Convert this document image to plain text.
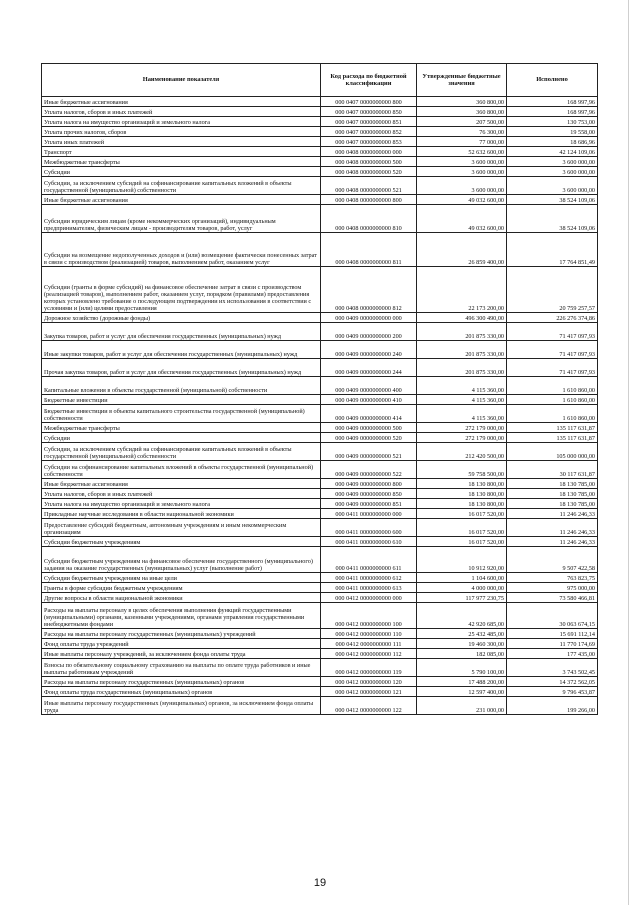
Наименование показателя	Код расхода по бюджетной классификации	Утвержденные бюджетные значения	Исполнено
Иные бюджетные ассигнования	000 0407 0000000000 800	360 800,00	168 997,96
Уплата налогов, сборов и иных платежей	000 0407 0000000000 850	360 800,00	168 997,96
Уплата налога на имущество организаций и земельного налога	000 0407 0000000000 851	207 500,00	130 753,00
Уплата прочих налогов, сборов	000 0407 0000000000 852	76 300,00	19 558,00
Уплата иных платежей	000 0407 0000000000 853	77 000,00	18 686,96
Транспорт	000 0408 0000000000 000	52 632 600,00	42 124 109,06
Межбюджетные трансферты	000 0408 0000000000 500	3 600 000,00	3 600 000,00
Субсидии	000 0408 0000000000 520	3 600 000,00	3 600 000,00
Субсидии, за исключением субсидий на софинансирование капитальных вложений в объекты государственной (муниципальной) собственности	000 0408 0000000000 521	3 600 000,00	3 600 000,00
Иные бюджетные ассигнования	000 0408 0000000000 800	49 032 600,00	38 524 109,06
Субсидии юридическим лицам (кроме некоммерческих организаций), индивидуальным предпринимателям, физическим лицам - производителям товаров, работ, услуг	000 0408 0000000000 810	49 032 600,00	38 524 109,06
Субсидии на возмещение недополученных доходов и (или) возмещение фактически понесенных затрат в связи с производством (реализацией) товаров, выполнением работ, оказанием услуг	000 0408 0000000000 811	26 859 400,00	17 764 851,49
Субсидии (гранты в форме субсидий) на финансовое обеспечение затрат в связи с производством (реализацией товаров), выполнением работ, оказанием услуг, порядком (правилами) предоставления которых установлено требование о последующем подтверждении их использования в соответствии с условиями и (или) целями предоставления	000 0408 0000000000 812	22 173 200,00	20 759 257,57
Дорожное хозяйство (дорожные фонды)	000 0409 0000000000 000	496 300 490,00	226 276 374,86
Закупка товаров, работ и услуг для обеспечения государственных (муниципальных) нужд	000 0409 0000000000 200	201 875 330,00	71 417 097,93
Иные закупки товаров, работ и услуг для обеспечения государственных (муниципальных) нужд	000 0409 0000000000 240	201 875 330,00	71 417 097,93
Прочая закупка товаров, работ и услуг для обеспечения государственных (муниципальных) нужд	000 0409 0000000000 244	201 875 330,00	71 417 097,93
Капитальные вложения в объекты государственной (муниципальной) собственности	000 0409 0000000000 400	4 115 360,00	1 610 860,00
Бюджетные инвестиции	000 0409 0000000000 410	4 115 360,00	1 610 860,00
Бюджетные инвестиции в объекты капитального строительства государственной (муниципальной) собственности	000 0409 0000000000 414	4 115 360,00	1 610 860,00
Межбюджетные трансферты	000 0409 0000000000 500	272 179 000,00	135 117 631,87
Субсидии	000 0409 0000000000 520	272 179 000,00	135 117 631,87
Субсидии, за исключением субсидий на софинансирование капитальных вложений в объекты государственной (муниципальной) собственности	000 0409 0000000000 521	212 420 500,00	105 000 000,00
Субсидии на софинансирование капитальных вложений в объекты государственной (муниципальной) собственности	000 0409 0000000000 522	59 758 500,00	30 117 631,87
Иные бюджетные ассигнования	000 0409 0000000000 800	18 130 800,00	18 130 785,00
Уплата налогов, сборов и иных платежей	000 0409 0000000000 850	18 130 800,00	18 130 785,00
Уплата налога на имущество организаций и земельного налога	000 0409 0000000000 851	18 130 800,00	18 130 785,00
Прикладные научные исследования в области национальной экономики	000 0411 0000000000 000	16 017 520,00	11 246 246,33
Предоставление субсидий бюджетным, автономным учреждениям и иным некоммерческим организациям	000 0411 0000000000 600	16 017 520,00	11 246 246,33
Субсидии бюджетным учреждениям	000 0411 0000000000 610	16 017 520,00	11 246 246,33
Субсидии бюджетным учреждениям на финансовое обеспечение государственного (муниципального) задания на оказание государственных (муниципальных) услуг (выполнение работ)	000 0411 0000000000 611	10 912 920,00	9 507 422,58
Субсидии бюджетным учреждениям на иные цели	000 0411 0000000000 612	1 104 600,00	763 823,75
Гранты в форме субсидии бюджетным учреждениям	000 0411 0000000000 613	4 000 000,00	975 000,00
Другие вопросы в области национальной экономики	000 0412 0000000000 000	117 977 230,75	73 580 466,81
Расходы на выплаты персоналу в целях обеспечения выполнения функций государственными (муниципальными) органами, казенными учреждениями, органами управления государственными внебюджетными фондами	000 0412 0000000000 100	42 920 685,00	30 063 674,15
Расходы на выплаты персоналу государственных (муниципальных) учреждений	000 0412 0000000000 110	25 432 485,00	15 691 112,14
Фонд оплаты труда учреждений	000 0412 0000000000 111	19 460 300,00	11 770 174,69
Иные выплаты персоналу учреждений, за исключением фонда оплаты труда	000 0412 0000000000 112	182 085,00	177 435,00
Взносы по обязательному социальному страхованию на выплаты по оплате труда работников и иные выплаты работникам учреждений	000 0412 0000000000 119	5 790 100,00	3 743 502,45
Расходы на выплаты персоналу государственных (муниципальных) органов	000 0412 0000000000 120	17 488 200,00	14 372 562,05
Фонд оплаты труда государственных (муниципальных) органов	000 0412 0000000000 121	12 597 400,00	9 796 453,87
Иные выплаты персоналу государственных (муниципальных) органов, за исключением фонда оплаты труда	000 0412 0000000000 122	231 000,00	199 266,00
19
